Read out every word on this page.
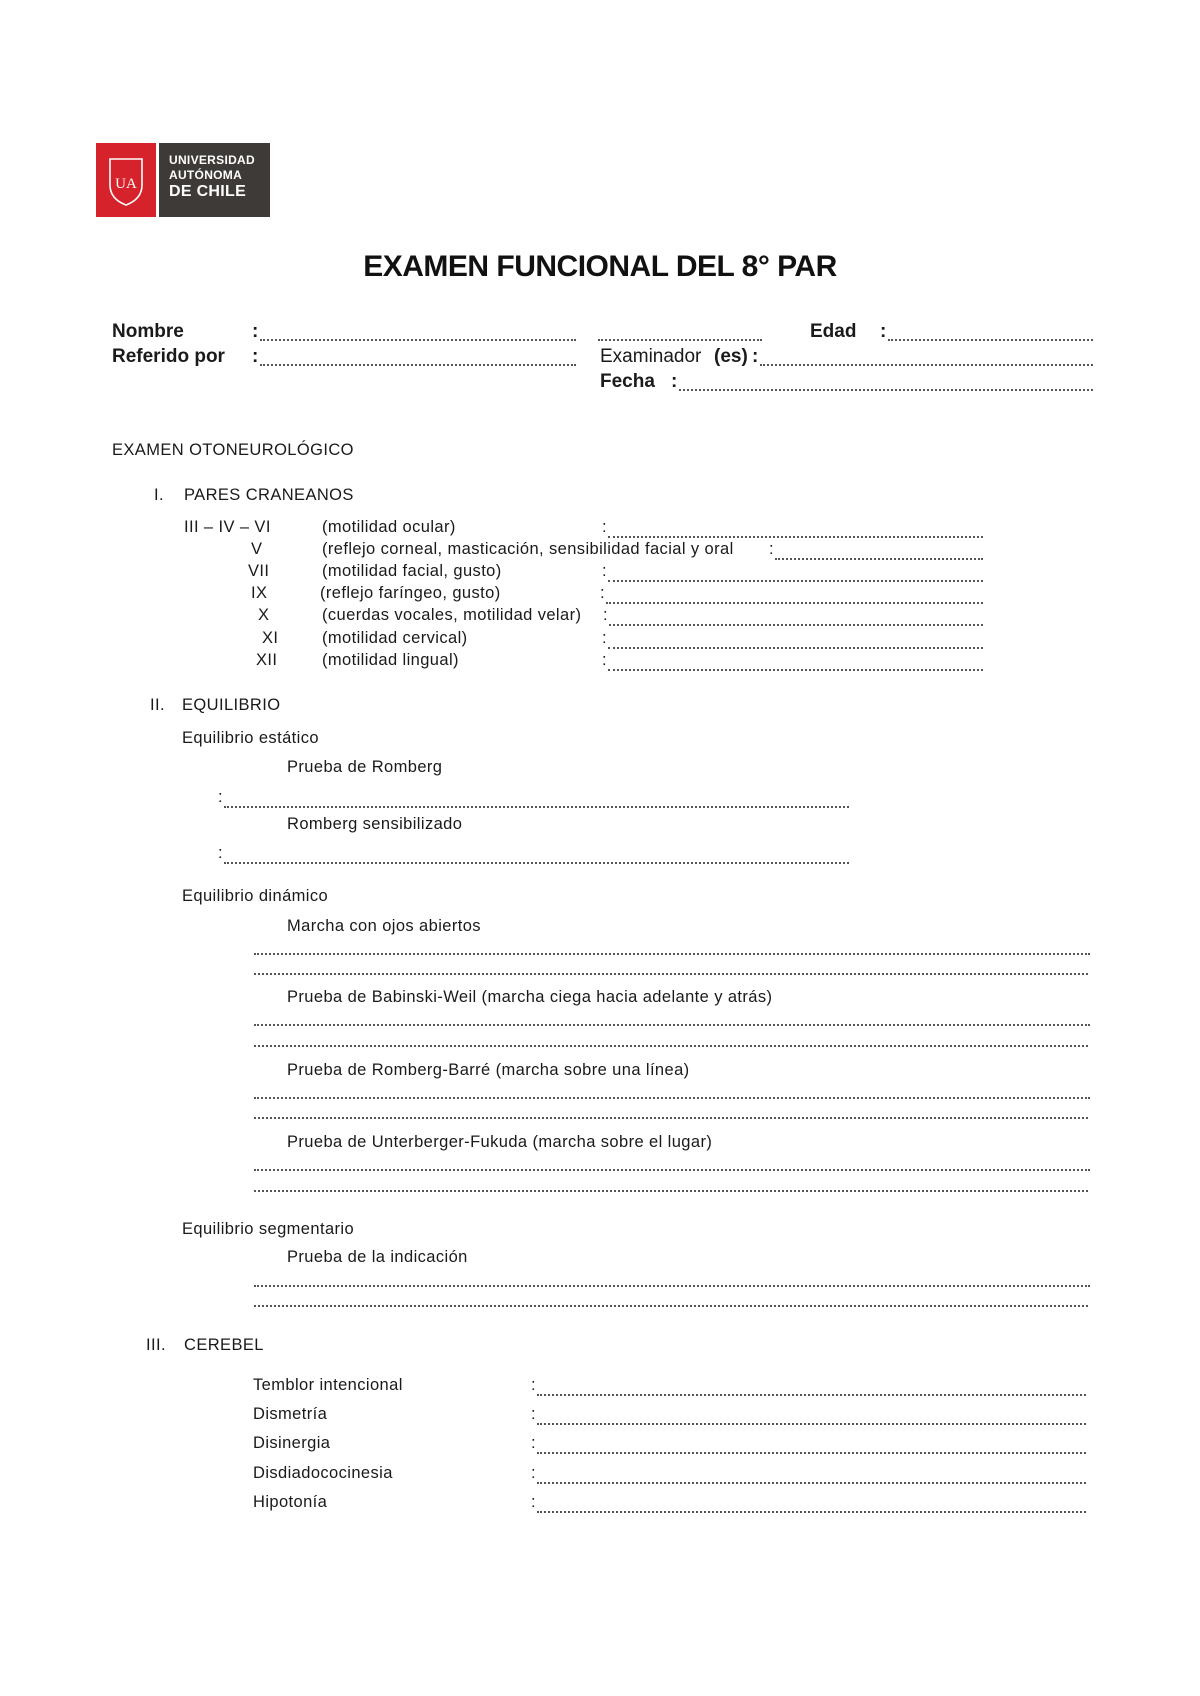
UA
UNIVERSIDAD
AUTÓNOMA
DE CHILE
EXAMEN FUNCIONAL DEL 8° PAR
Nombre	:	Edad :
Referido por :	Examinador (es) :
Fecha :
EXAMEN OTONEUROLÓGICO
I. PARES CRANEANOS
III – IV – VI	(motilidad ocular)	:
V	(reflejo corneal, masticación, sensibilidad facial y oral :
VII	(motilidad facial, gusto)	:
IX	(reflejo faríngeo, gusto)	:
X	(cuerdas vocales, motilidad velar) :
XI	(motilidad cervical)	:
XII	(motilidad lingual)	:
II. EQUILIBRIO
Equilibrio estático
Prueba de Romberg
:
Romberg sensibilizado
:
Equilibrio dinámico
Marcha con ojos abiertos
Prueba de Babinski-Weil (marcha ciega hacia adelante y atrás)
Prueba de Romberg-Barré (marcha sobre una línea)
Prueba de Unterberger-Fukuda (marcha sobre el lugar)
Equilibrio segmentario
Prueba de la indicación
III. CEREBEL
Temblor intencional	:
Dismetría	:
Disinergia	:
Disdiadococinesia	:
Hipotonía	:
